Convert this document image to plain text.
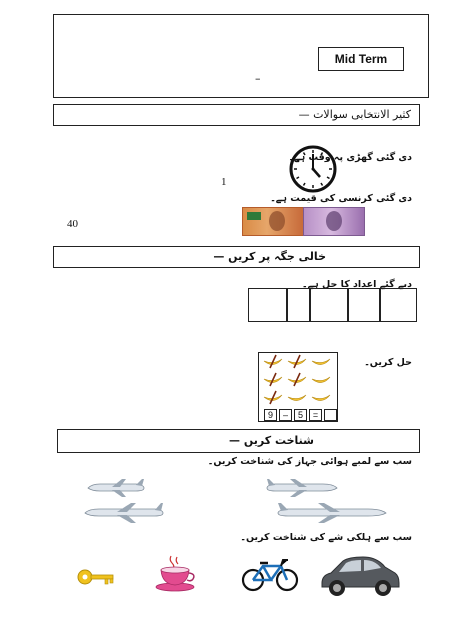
Mid Term
–
کثیر الانتخابی سوالات —
دی گئی گھڑی پہ وقت ہے۔
1
دی گئی کرنسی کی قیمت ہے۔
40
خالی جگہ پر کریں —
دیے گئے اعداد کا حل ہے۔
9	–	5	=
حل کریں۔
شناخت کریں —
سب سے لمبے ہوائی جہاز کی شناخت کریں۔
سب سے ہلکی شے کی شناخت کریں۔
